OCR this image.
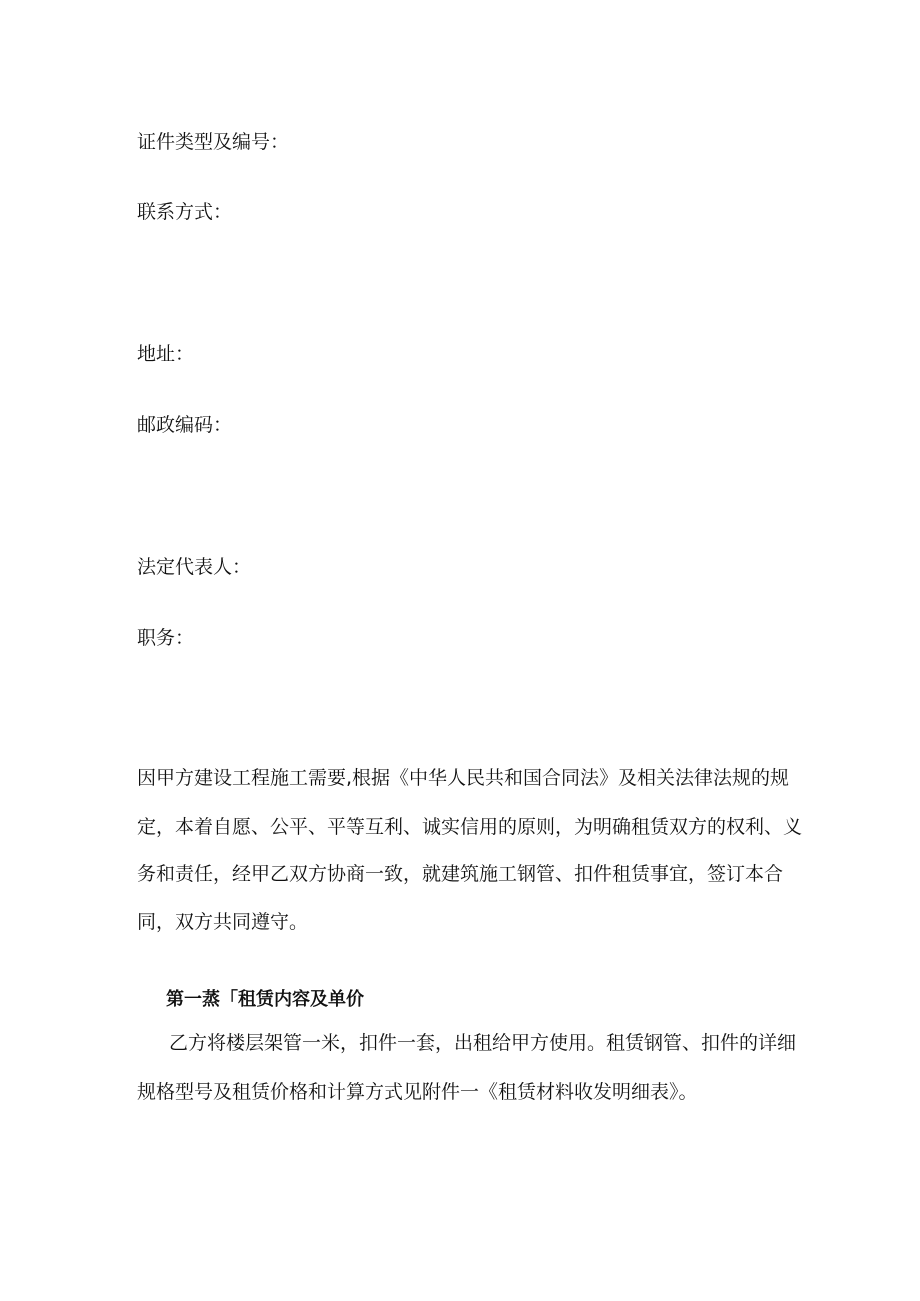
证件类型及编号：
联系方式：
地址：
邮政编码：
法定代表人：
职务：
因甲方建设工程施工需要,根据《中华人民共和国合同法》及相关法律法规的规
定，本着自愿、公平、平等互利、诚实信用的原则，为明确租赁双方的权利、义
务和责任，经甲乙双方协商一致，就建筑施工钢管、扣件租赁事宜，签订本合
同，双方共同遵守。
第一蒸「租赁内容及单价
乙方将楼层架管一米，扣件一套，出租给甲方使用。租赁钢管、扣件的详细
规格型号及租赁价格和计算方式见附件一《租赁材料收发明细表》。
